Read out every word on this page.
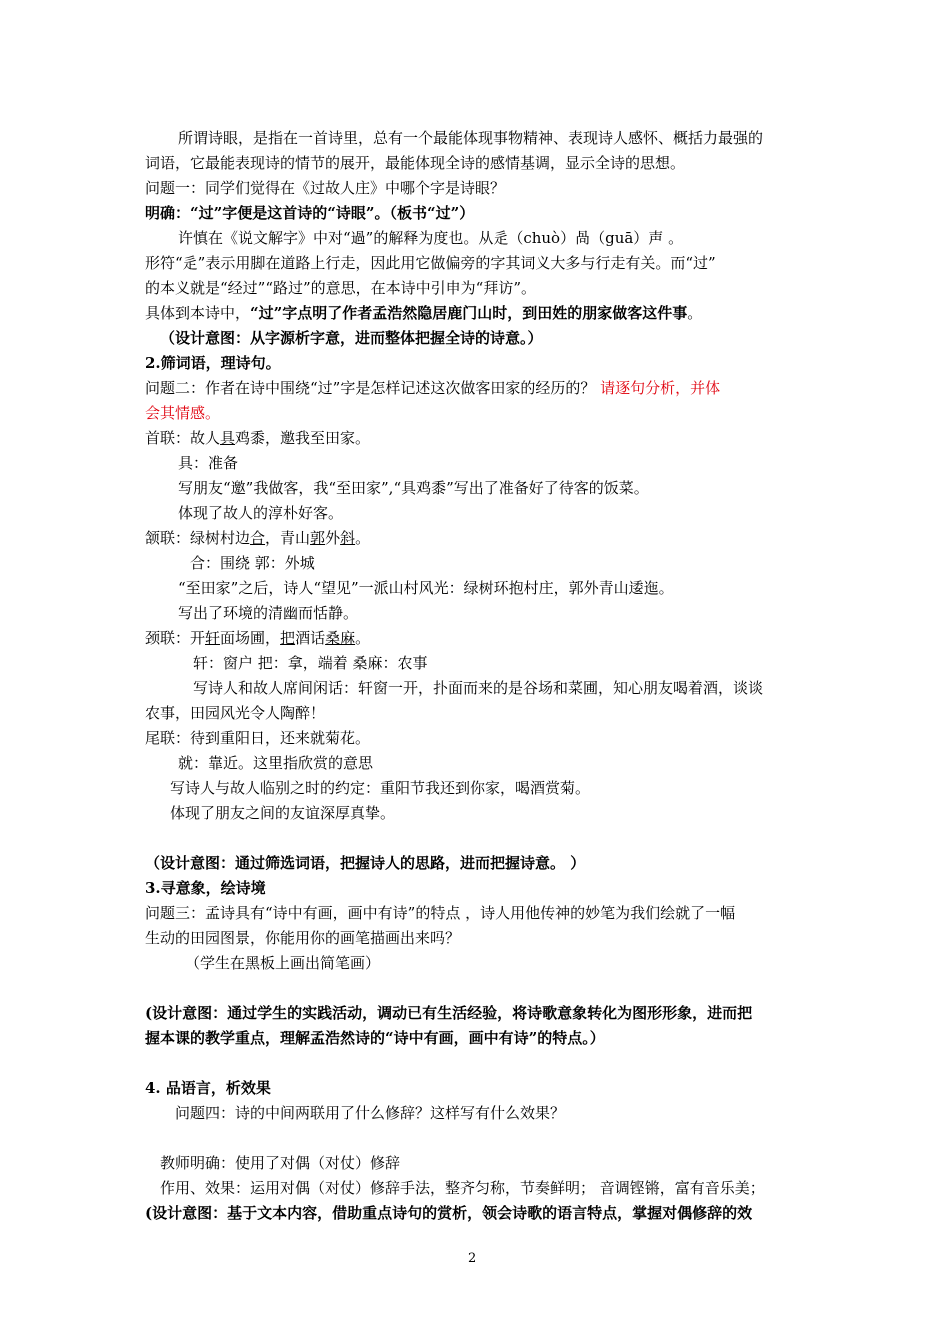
所谓诗眼，是指在一首诗里，总有一个最能体现事物精神、表现诗人感怀、概括力最强的
词语，它最能表现诗的情节的展开，最能体现全诗的感情基调，显示全诗的思想。
问题一：同学们觉得在《过故人庄》中哪个字是诗眼？
明确：“过”字便是这首诗的“诗眼”。（板书“过”）
许慎在《说文解字》中对“過”的解释为度也。从辵（chuò）咼（guā）声 。
形符“辵”表示用脚在道路上行走，因此用它做偏旁的字其词义大多与行走有关。而“过”
的本义就是“经过”“路过”的意思，在本诗中引申为“拜访”。
具体到本诗中，“过”字点明了作者孟浩然隐居鹿门山时，到田姓的朋家做客这件事。
（设计意图：从字源析字意，进而整体把握全诗的诗意。）
2.筛词语，理诗句。
问题二：作者在诗中围绕“过”字是怎样记述这次做客田家的经历的？ 请逐句分析，并体
会其情感。
首联：故人具鸡黍，邀我至田家。
具：准备
写朋友“邀”我做客，我“至田家”,“具鸡黍”写出了准备好了待客的饭菜。
体现了故人的淳朴好客。
颔联：绿树村边合，青山郭外斜。
合：围绕 郭：外城
“至田家”之后，诗人“望见”一派山村风光：绿树环抱村庄，郭外青山逶迤。
写出了环境的清幽而恬静。
颈联：开轩面场圃，把酒话桑麻。
轩：窗户 把：拿，端着 桑麻：农事
写诗人和故人席间闲话：轩窗一开，扑面而来的是谷场和菜圃，知心朋友喝着酒，谈谈
农事，田园风光令人陶醉！
尾联：待到重阳日，还来就菊花。
就：靠近。这里指欣赏的意思
写诗人与故人临别之时的约定：重阳节我还到你家，喝酒赏菊。
体现了朋友之间的友谊深厚真挚。
（设计意图：通过筛选词语，把握诗人的思路，进而把握诗意。 ）
3.寻意象，绘诗境
问题三：孟诗具有“诗中有画，画中有诗”的特点 ，诗人用他传神的妙笔为我们绘就了一幅
生动的田园图景，你能用你的画笔描画出来吗？
（学生在黑板上画出简笔画）
(设计意图：通过学生的实践活动，调动已有生活经验，将诗歌意象转化为图形形象，进而把
握本课的教学重点，理解孟浩然诗的“诗中有画，画中有诗”的特点。）
4. 品语言，析效果
问题四：诗的中间两联用了什么修辞？这样写有什么效果？
教师明确：使用了对偶（对仗）修辞
作用、效果：运用对偶（对仗）修辞手法，整齐匀称，节奏鲜明； 音调铿锵，富有音乐美；
(设计意图：基于文本内容，借助重点诗句的赏析，领会诗歌的语言特点，掌握对偶修辞的效
2
